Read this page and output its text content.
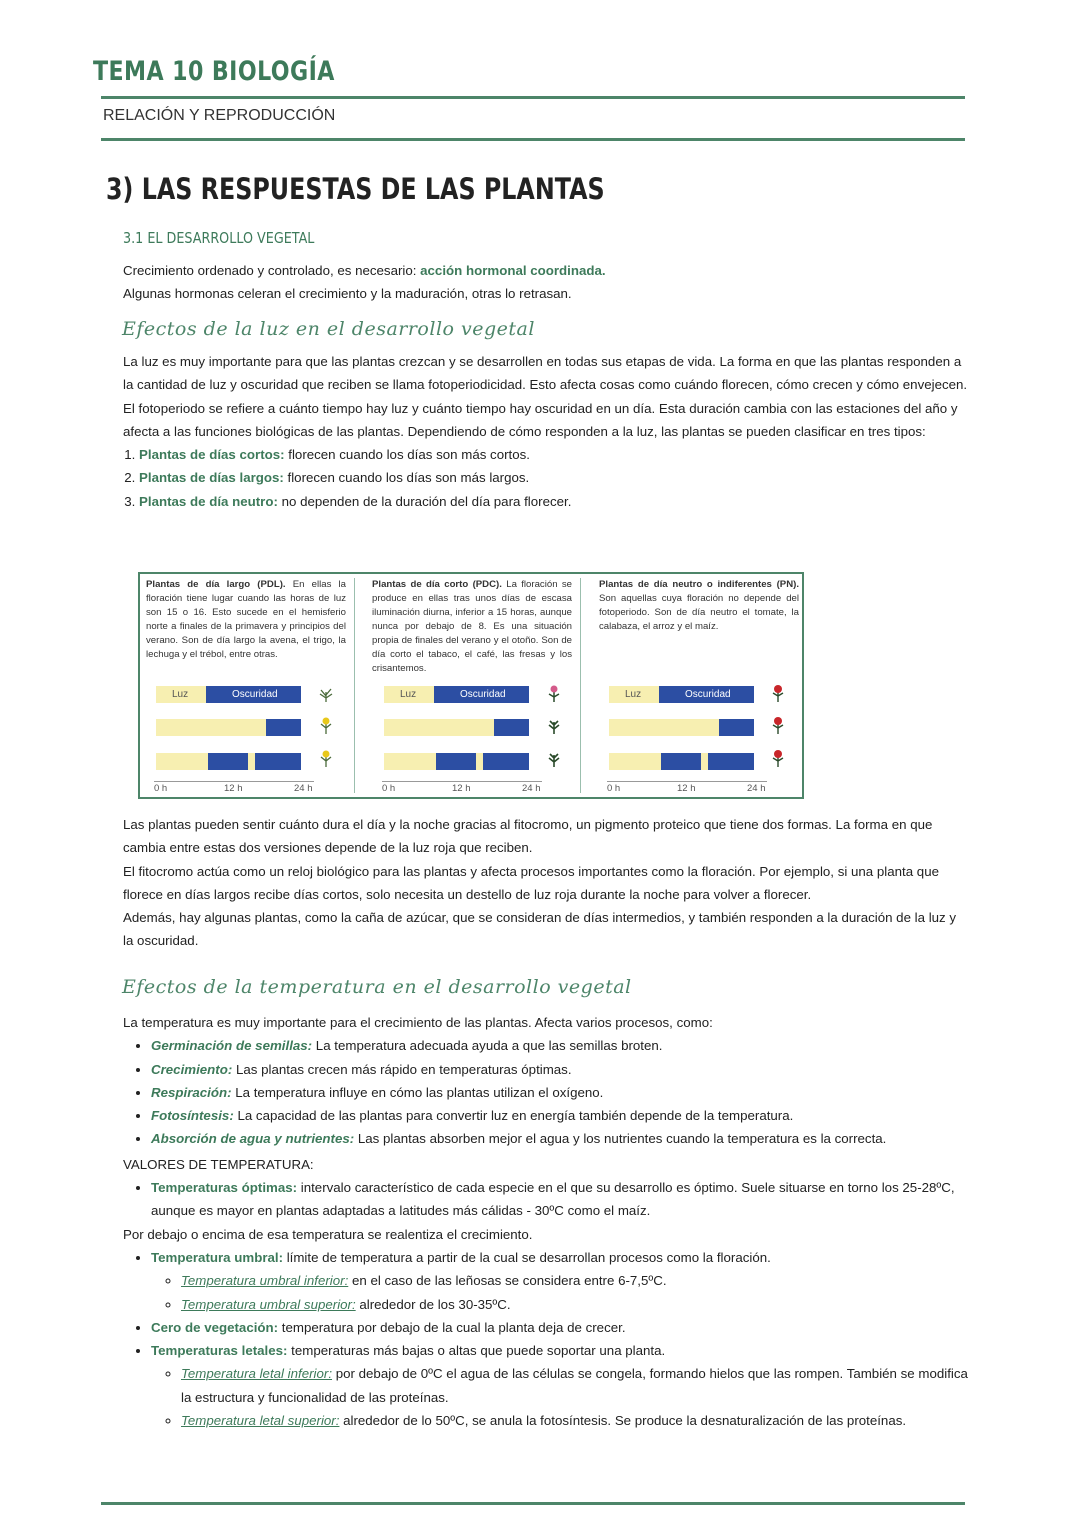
TEMA 10 BIOLOGÍA
RELACIÓN Y REPRODUCCIÓN
3) LAS RESPUESTAS DE LAS PLANTAS
3.1 EL DESARROLLO VEGETAL

Crecimiento ordenado y controlado, es necesario: acción hormonal coordinada.

Algunas hormonas celeran el crecimiento y la maduración, otras lo retrasan.

Efectos de la luz en el desarrollo vegetal

La luz es muy importante para que las plantas crezcan y se desarrollen en todas sus etapas de vida. La forma en que las plantas responden a la cantidad de luz y oscuridad que reciben se llama fotoperiodicidad. Esto afecta cosas como cuándo florecen, cómo crecen y cómo envejecen.

El fotoperiodo se refiere a cuánto tiempo hay luz y cuánto tiempo hay oscuridad en un día. Esta duración cambia con las estaciones del año y afecta a las funciones biológicas de las plantas. Dependiendo de cómo responden a la luz, las plantas se pueden clasificar en tres tipos:

1. Plantas de días cortos: florecen cuando los días son más cortos.
2. Plantas de días largos: florecen cuando los días son más largos.
3. Plantas de día neutro: no dependen de la duración del día para florecer.
Plantas de día largo (PDL). En ellas la floración tiene lugar cuando las horas de luz son 15 o 16. Esto sucede en el hemisferio norte a finales de la primavera y principios del verano. Son de día largo la avena, el trigo, la lechuga y el trébol, entre otras.
Luz	Oscuridad
0 h	12 h	24 h
Plantas de día corto (PDC). La floración se produce en ellas tras unos días de escasa iluminación diurna, inferior a 15 horas, aunque nunca por debajo de 8. Es una situación propia de finales del verano y el otoño. Son de día corto el tabaco, el café, las fresas y los crisantemos.
Luz	Oscuridad
0 h	12 h	24 h
Plantas de día neutro o indiferentes (PN). Son aquellas cuya floración no depende del fotoperiodo. Son de día neutro el tomate, la calabaza, el arroz y el maíz.
Luz	Oscuridad
0 h	12 h	24 h

Las plantas pueden sentir cuánto dura el día y la noche gracias al fitocromo, un pigmento proteico que tiene dos formas. La forma en que cambia entre estas dos versiones depende de la luz roja que reciben.

El fitocromo actúa como un reloj biológico para las plantas y afecta procesos importantes como la floración. Por ejemplo, si una planta que florece en días largos recibe días cortos, solo necesita un destello de luz roja durante la noche para volver a florecer.

Además, hay algunas plantas, como la caña de azúcar, que se consideran de días intermedios, y también responden a la duración de la luz y la oscuridad.

Efectos de la temperatura en el desarrollo vegetal

La temperatura es muy importante para el crecimiento de las plantas. Afecta varios procesos, como:

• Germinación de semillas: La temperatura adecuada ayuda a que las semillas broten.
• Crecimiento: Las plantas crecen más rápido en temperaturas óptimas.
• Respiración: La temperatura influye en cómo las plantas utilizan el oxígeno.
• Fotosíntesis: La capacidad de las plantas para convertir luz en energía también depende de la temperatura.
• Absorción de agua y nutrientes: Las plantas absorben mejor el agua y los nutrientes cuando la temperatura es la correcta.

VALORES DE TEMPERATURA:

• Temperaturas óptimas: intervalo característico de cada especie en el que su desarrollo es óptimo. Suele situarse en torno los 25-28ºC, aunque es mayor en plantas adaptadas a latitudes más cálidas - 30ºC como el maíz.

Por debajo o encima de esa temperatura se realentiza el crecimiento.

• Temperatura umbral: límite de temperatura a partir de la cual se desarrollan procesos como la floración.
◦ Temperatura umbral inferior: en el caso de las leñosas se considera entre 6-7,5ºC.
◦ Temperatura umbral superior: alrededor de los 30-35ºC.
• Cero de vegetación: temperatura por debajo de la cual la planta deja de crecer.
• Temperaturas letales: temperaturas más bajas o altas que puede soportar una planta.
◦ Temperatura letal inferior: por debajo de 0ºC el agua de las células se congela, formando hielos que las rompen. También se modifica la estructura y funcionalidad de las proteínas.
◦ Temperatura letal superior: alrededor de lo 50ºC, se anula la fotosíntesis. Se produce la desnaturalización de las proteínas.
